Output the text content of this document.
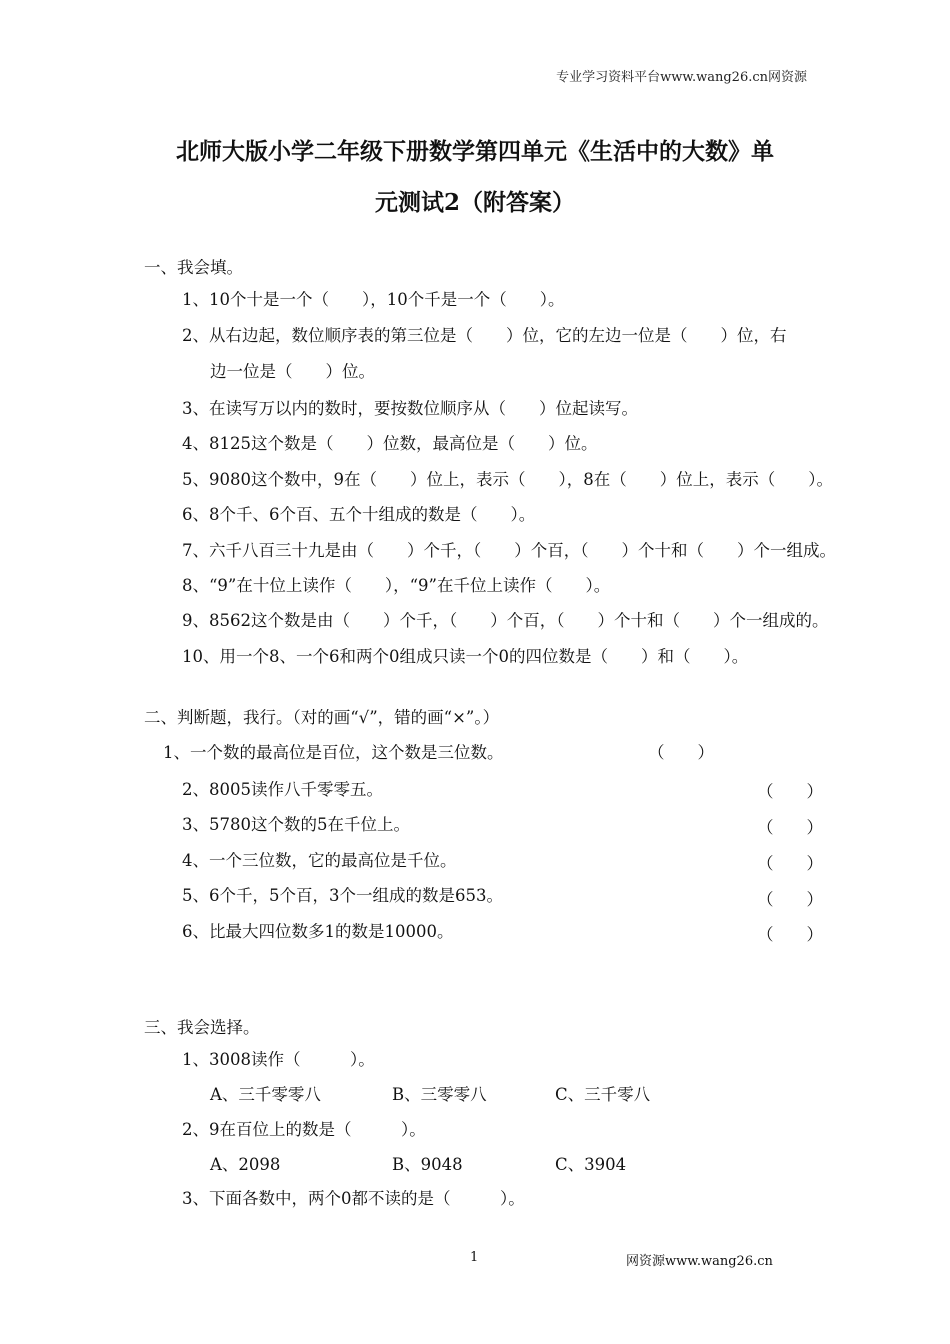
专业学习资料平台www.wang26.cn网资源
北师大版小学二年级下册数学第四单元《生活中的大数》单
元测试2（附答案）
一、我会填。
1、10个十是一个（　　），10个千是一个（　　）。
2、从右边起，数位顺序表的第三位是（　　）位，它的左边一位是（　　）位，右
边一位是（　　）位。
3、在读写万以内的数时，要按数位顺序从（　　）位起读写。
4、8125这个数是（　　）位数，最高位是（　　）位。
5、9080这个数中，9在（　　）位上，表示（　　），8在（　　）位上，表示（　　）。
6、8个千、6个百、五个十组成的数是（　　）。
7、六千八百三十九是由（　　）个千，（　　）个百，（　　）个十和（　　）个一组成。
8、“9”在十位上读作（　　），“9”在千位上读作（　　）。
9、8562这个数是由（　　）个千，（　　）个百，（　　）个十和（　　）个一组成的。
10、用一个8、一个6和两个0组成只读一个0的四位数是（　　）和（　　）。
二、判断题，我行。（对的画“√”，错的画“×”。）
1、一个数的最高位是百位，这个数是三位数。	（　　）
2、8005读作八千零零五。	（　　）
3、5780这个数的5在千位上。	（　　）
4、一个三位数，它的最高位是千位。	（　　）
5、6个千，5个百，3个一组成的数是653。	（　　）
6、比最大四位数多1的数是10000。	（　　）
三、我会选择。
1、3008读作（　　　）。
A、三千零零八	B、三零零八	C、三千零八
2、9在百位上的数是（　　　）。
A、2098	B、9048	C、3904
3、下面各数中，两个0都不读的是（　　　）。
1	网资源www.wang26.cn
